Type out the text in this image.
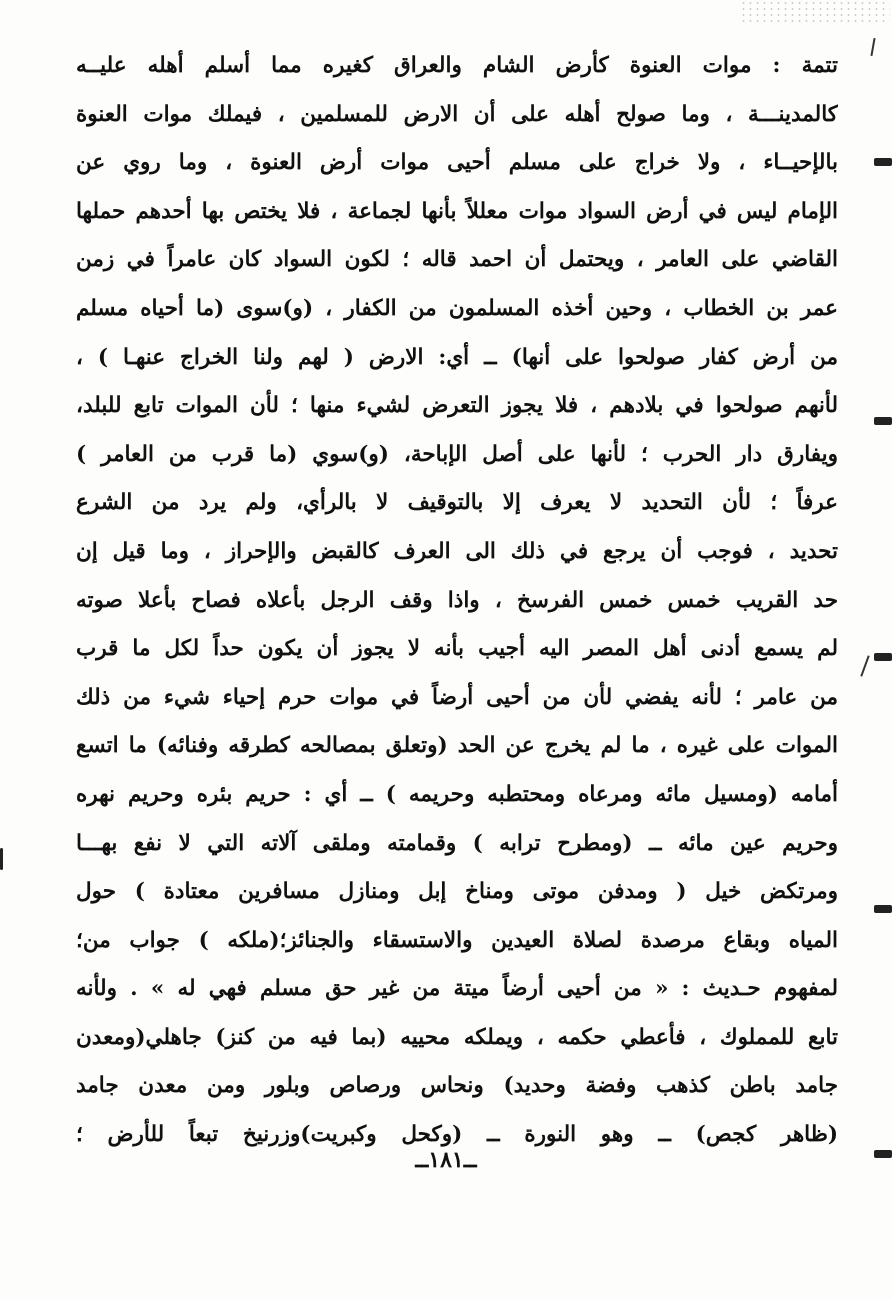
تتمة : موات العنوة كأرض الشام والعراق كغيره مما أسلم أهله عليــه
كالمدينـــة ، وما صولح أهله على أن الارض للمسلمين ، فيملك موات العنوة
بالإحيــاء ، ولا خراج على مسلم أحيى موات أرض العنوة ، وما روي عن
الإمام ليس في أرض السواد موات معللاً بأنها لجماعة ، فلا يختص بها أحدهم حملها
القاضي على العامر ، ويحتمل أن احمد قاله ؛ لكون السواد كان عامراً في زمن
عمر بن الخطاب ، وحين أخذه المسلمون من الكفار ، (و)سوى (ما أحياه مسلم
من أرض كفار صولحوا على أنها) ــ أي: الارض ( لهم ولنا الخراج عنهـا ) ،
لأنهم صولحوا في بلادهم ، فلا يجوز التعرض لشيء منها ؛ لأن الموات تابع للبلد،
ويفارق دار الحرب ؛ لأنها على أصل الإباحة، (و)سوي (ما قرب من العامر )
عرفاً ؛ لأن التحديد لا يعرف إلا بالتوقيف لا بالرأي، ولم يرد من الشرع
تحديد ، فوجب أن يرجع في ذلك الى العرف كالقبض والإحراز ، وما قيل إن
حد القريب خمس خمس الفرسخ ، واذا وقف الرجل بأعلاه فصاح بأعلا صوته
لم يسمع أدنى أهل المصر اليه أجيب بأنه لا يجوز أن يكون حداً لكل ما قرب
من عامر ؛ لأنه يفضي لأن من أحيى أرضاً في موات حرم إحياء شيء من ذلك
الموات على غيره ، ما لم يخرج عن الحد (وتعلق بمصالحه كطرقه وفنائه) ما اتسع
أمامه (ومسيل مائه ومرعاه ومحتطبه وحريمه ) ــ أي : حريم بئره وحريم نهره
وحريم عين مائه ــ (ومطرح ترابه ) وقمامته وملقى آلاته التي لا نفع بهـــا
ومرتكض خيل ( ومدفن موتى ومناخ إبل ومنازل مسافرين معتادة ) حول
المياه وبقاع مرصدة لصلاة العيدين والاستسقاء والجنائز؛(ملكه ) جواب من؛
لمفهوم حـديث : « من أحيى أرضاً ميتة من غير حق مسلم فهي له » . ولأنه
تابع للمملوك ، فأعطي حكمه ، ويملكه محييه (بما فيه من كنز) جاهلي(ومعدن
جامد باطن كذهب وفضة وحديد) ونحاس ورصاص وبلور ومن معدن جامد
(ظاهر كجص) ــ وهو النورة ــ (وكحل وكبريت)وزرنيخ تبعاً للأرض ؛
ــ١٨١ــ
